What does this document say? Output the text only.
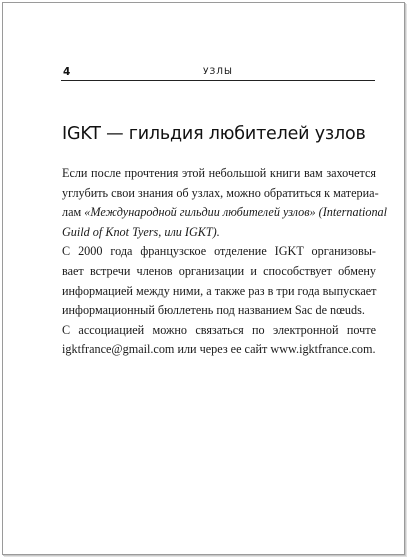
4	УЗЛЫ
IGKT — гильдия любителей узлов
Если после прочтения этой небольшой книги вам захочется
углубить свои знания об узлах, можно обратиться к материа-
лам «Международной гильдии любителей узлов» (International
Guild of Knot Tyers, или IGKT).
С 2000 года французское отделение IGKT организовы-
вает встречи членов организации и способствует обмену
информацией между ними, а также раз в три года выпускает
информационный бюллетень под названием Sac de nœuds.
С ассоциацией можно связаться по электронной почте
igktfrance@gmail.com или через ее сайт www.igktfrance.com.
